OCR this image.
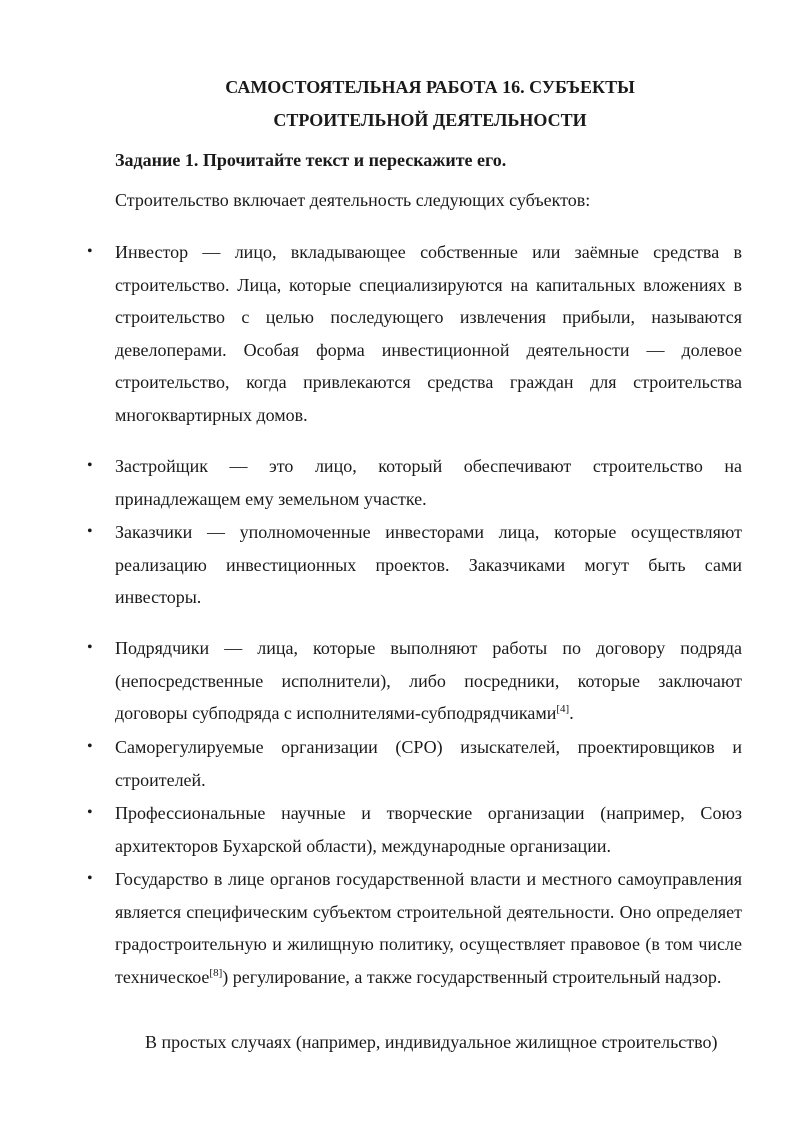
САМОСТОЯТЕЛЬНАЯ РАБОТА 16. СУБЪЕКТЫ
СТРОИТЕЛЬНОЙ ДЕЯТЕЛЬНОСТИ

Задание 1. Прочитайте текст и перескажите его.

Строительство включает деятельность следующих субъектов:

• Инвестор — лицо, вкладывающее собственные или заёмные средства в строительство. Лица, которые специализируются на капитальных вложениях в строительство с целью последующего извлечения прибыли, называются девелоперами. Особая форма инвестиционной деятельности — долевое строительство, когда привлекаются средства граждан для строительства многоквартирных домов.
• Застройщик — это лицо, который обеспечивают строительство на принадлежащем ему земельном участке.
• Заказчики — уполномоченные инвесторами лица, которые осуществляют реализацию инвестиционных проектов. Заказчиками могут быть сами инвесторы.
• Подрядчики — лица, которые выполняют работы по договору подряда (непосредственные исполнители), либо посредники, которые заключают договоры субподряда с исполнителями-субподрядчиками[4].
• Саморегулируемые организации (СРО) изыскателей, проектировщиков и строителей.
• Профессиональные научные и творческие организации (например, Союз архитекторов Бухарской области), международные организации.
• Государство в лице органов государственной власти и местного самоуправления является специфическим субъектом строительной деятельности. Оно определяет градостроительную и жилищную политику, осуществляет правовое (в том числе техническое[8]) регулирование, а также государственный строительный надзор.

В простых случаях (например, индивидуальное жилищное строительство)
